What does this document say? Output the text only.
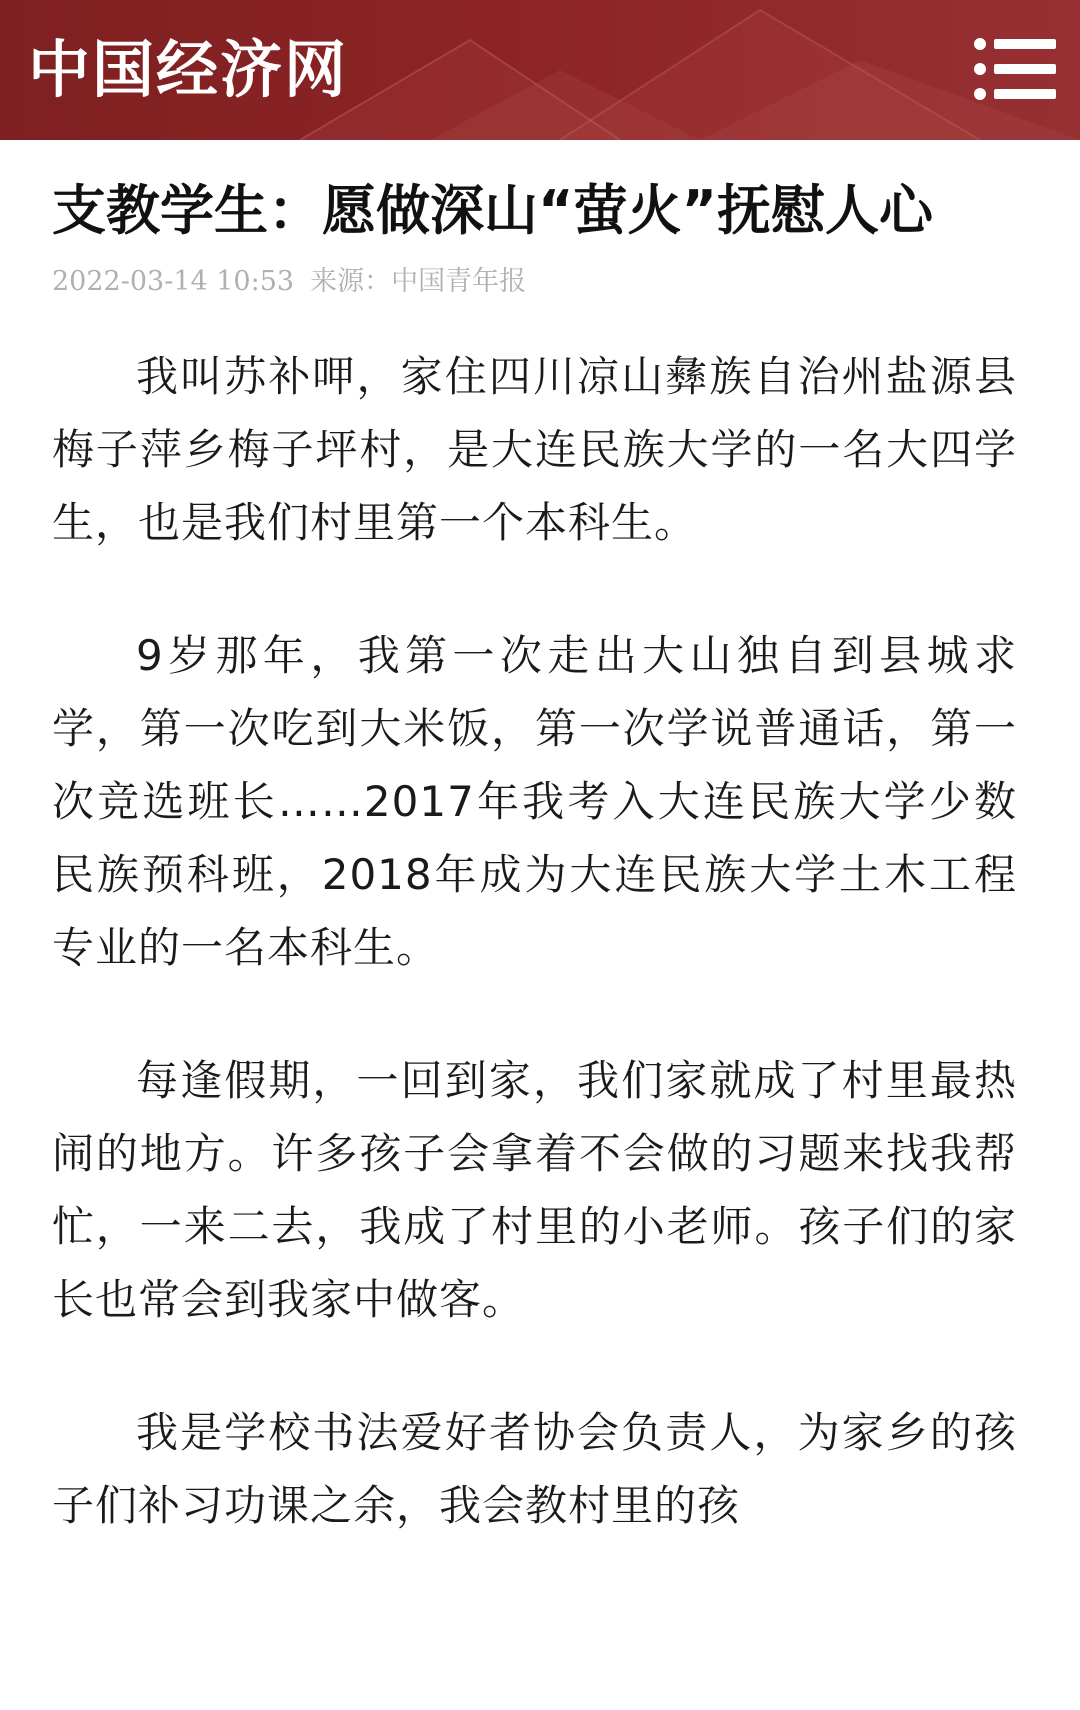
中国经济网
支教学生：愿做深山“萤火”抚慰人心
2022-03-14 10:53 来源：中国青年报

我叫苏补呷，家住四川凉山彝族自治州盐源县梅子萍乡梅子坪村，是大连民族大学的一名大四学生，也是我们村里第一个本科生。

9岁那年，我第一次走出大山独自到县城求学，第一次吃到大米饭，第一次学说普通话，第一次竞选班长……2017年我考入大连民族大学少数民族预科班，2018年成为大连民族大学土木工程专业的一名本科生。

每逢假期，一回到家，我们家就成了村里最热闹的地方。许多孩子会拿着不会做的习题来找我帮忙，一来二去，我成了村里的小老师。孩子们的家长也常会到我家中做客。

我是学校书法爱好者协会负责人，为家乡的孩子们补习功课之余，我会教村里的孩
